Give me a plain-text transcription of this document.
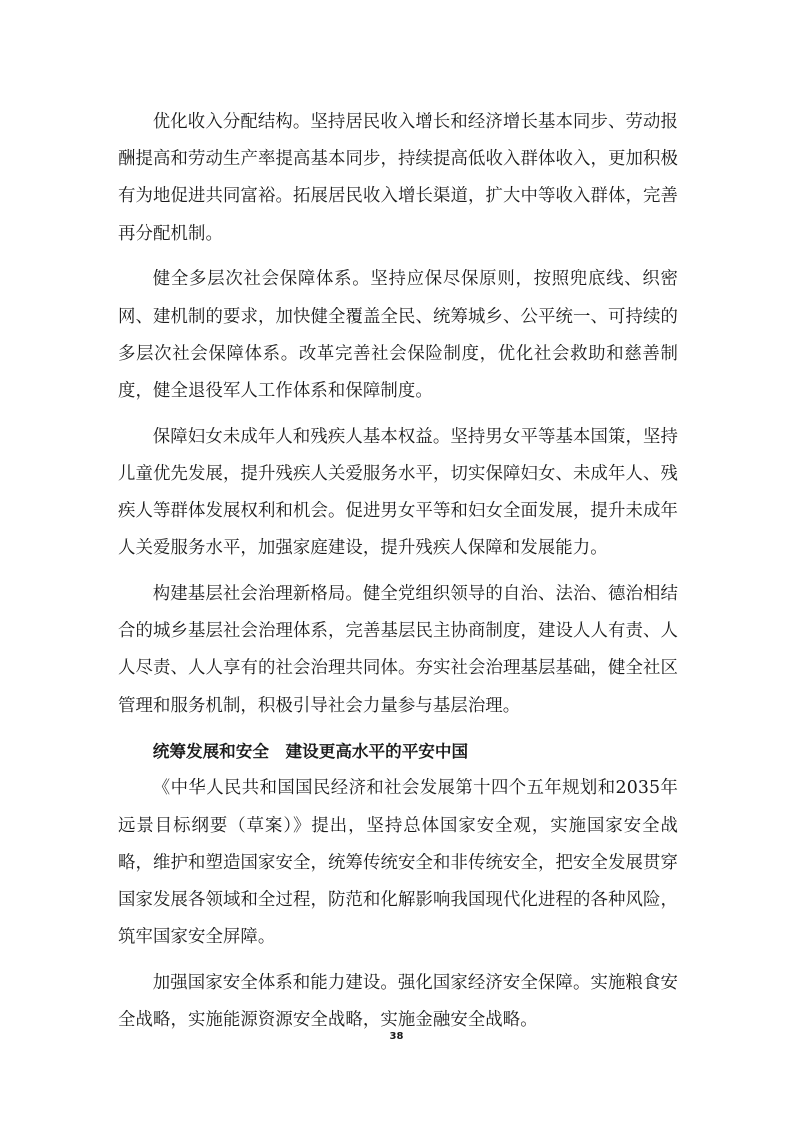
优化收入分配结构。坚持居民收入增长和经济增长基本同步、劳动报酬提高和劳动生产率提高基本同步，持续提高低收入群体收入，更加积极有为地促进共同富裕。拓展居民收入增长渠道，扩大中等收入群体，完善再分配机制。

健全多层次社会保障体系。坚持应保尽保原则，按照兜底线、织密网、建机制的要求，加快健全覆盖全民、统筹城乡、公平统一、可持续的多层次社会保障体系。改革完善社会保险制度，优化社会救助和慈善制度，健全退役军人工作体系和保障制度。

保障妇女未成年人和残疾人基本权益。坚持男女平等基本国策，坚持儿童优先发展，提升残疾人关爱服务水平，切实保障妇女、未成年人、残疾人等群体发展权利和机会。促进男女平等和妇女全面发展，提升未成年人关爱服务水平，加强家庭建设，提升残疾人保障和发展能力。

构建基层社会治理新格局。健全党组织领导的自治、法治、德治相结合的城乡基层社会治理体系，完善基层民主协商制度，建设人人有责、人人尽责、人人享有的社会治理共同体。夯实社会治理基层基础，健全社区管理和服务机制，积极引导社会力量参与基层治理。

统筹发展和安全　建设更高水平的平安中国

《中华人民共和国国民经济和社会发展第十四个五年规划和2035年远景目标纲要（草案）》提出，坚持总体国家安全观，实施国家安全战略，维护和塑造国家安全，统筹传统安全和非传统安全，把安全发展贯穿国家发展各领域和全过程，防范和化解影响我国现代化进程的各种风险，筑牢国家安全屏障。

加强国家安全体系和能力建设。强化国家经济安全保障。实施粮食安全战略，实施能源资源安全战略，实施金融安全战略。

38
